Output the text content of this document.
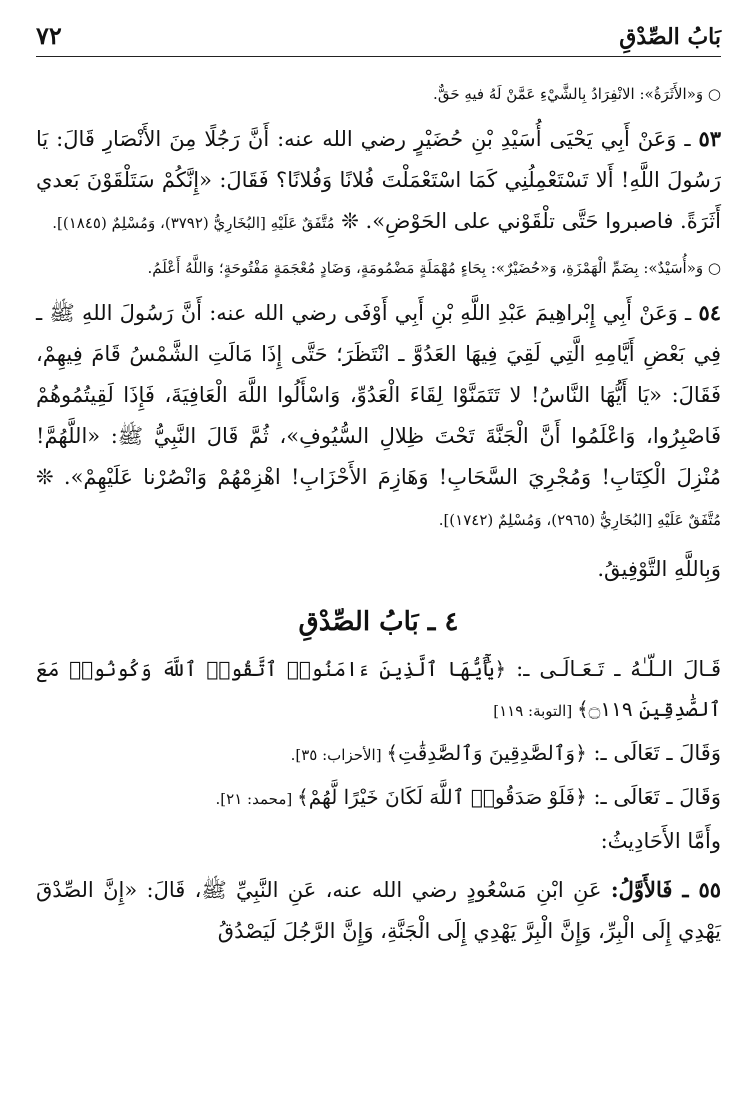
بَابُ الصِّدْقِ
٧٢

○ وَ«الأَثَرَةُ»: الانْفِرَادُ بِالشَّيْءِ عَمَّنْ لَهُ فيهِ حَقٌّ.

٥٣ ـ وَعَنْ أَبِي يَحْيَى أُسَيْدِ بْنِ حُضَيْرٍ رضي الله عنه: أَنَّ رَجُلًا مِنَ الأَنْصَارِ قَالَ: يَا رَسُولَ اللَّهِ! أَلا تَسْتَعْمِلُنِي كَمَا اسْتَعْمَلْتَ فُلانًا وَفُلانًا؟ فَقَالَ: «إِنَّكُمْ سَتَلْقَوْنَ بَعدي أَثَرَةً. فاصبروا حَتَّى تلْقَوْني على الحَوْضِ». ❊ مُتَّفَقٌ عَلَيْهِ [البُخَارِيُّ (٣٧٩٢)، وَمُسْلِمٌ (١٨٤٥)].

○ وَ«أُسَيْدٌ»: بِضَمِّ الْهَمْزَةِ، وَ«حُضَيْرٌ»: بِحَاءٍ مُهْمَلَةٍ مَضْمُومَةٍ، وَضَادٍ مُعْجَمَةٍ مَفْتُوحَةٍ؛ وَاللَّهُ أَعْلَمُ.

٥٤ ـ وَعَنْ أَبِي إِبْراهِيمَ عَبْدِ اللَّهِ بْنِ أَبِي أَوْفَى رضي الله عنه: أَنَّ رَسُولَ اللهِ ﷺ ـ فِي بَعْضِ أَيَّامِهِ الَّتِي لَقِيَ فِيهَا العَدُوَّ ـ انْتَظَرَ؛ حَتَّى إِذَا مَالَتِ الشَّمْسُ قَامَ فِيهِمْ، فَقَالَ: «يَا أَيُّهَا النَّاسُ! لا تَتَمَنَّوْا لِقَاءَ الْعَدُوِّ، وَاسْأَلُوا اللَّهَ الْعَافِيَةَ، فَإِذَا لَقِيتُمُوهُمْ فَاصْبِرُوا، وَاعْلَمُوا أَنَّ الْجَنَّةَ تَحْتَ ظِلالِ السُّيُوفِ»، ثُمَّ قَالَ النَّبِيُّ ﷺ: «اللَّهُمَّ! مُنْزِلَ الْكِتَابِ! وَمُجْرِيَ السَّحَابِ! وَهَازِمَ الأَحْزَابِ! اهْزِمْهُمْ وَانْصُرْنا عَلَيْهِمْ». ❊ مُتَّفَقٌ عَلَيْهِ [البُخَارِيُّ (٢٩٦٥)، وَمُسْلِمٌ (١٧٤٢)].

وَبِاللَّهِ التَّوْفِيقُ.

٤ ـ بَابُ الصِّدْقِ

قَـالَ الـلّـٰهُ ـ تَـعَـالَـى ـ: ﴿يَٰٓأَيُّهَا ٱلَّذِينَ ءَامَنُوا۟ ٱتَّقُوا۟ ٱللَّهَ وَكُونُوا۟ مَعَ ٱلصَّٰدِقِينَ ۝١١٩﴾ [التوبة: ١١٩]

وَقَالَ ـ تَعَالَى ـ: ﴿وَٱلصَّٰدِقِينَ وَٱلصَّٰدِقَٰتِ﴾ [الأحزاب: ٣٥].

وَقَالَ ـ تَعَالَى ـ: ﴿فَلَوْ صَدَقُوا۟ ٱللَّهَ لَكَانَ خَيْرًا لَّهُمْ﴾ [محمد: ٢١].

وأَمَّا الأَحَادِيثُ:

٥٥ ـ فَالأَوَّلُ: عَنِ ابْنِ مَسْعُودٍ رضي الله عنه، عَنِ النَّبِيِّ ﷺ، قَالَ: «إِنَّ الصِّدْقَ يَهْدِي إِلَى الْبِرِّ، وَإِنَّ الْبِرَّ يَهْدِي إِلَى الْجَنَّةِ، وَإِنَّ الرَّجُلَ لَيَصْدُقُ
